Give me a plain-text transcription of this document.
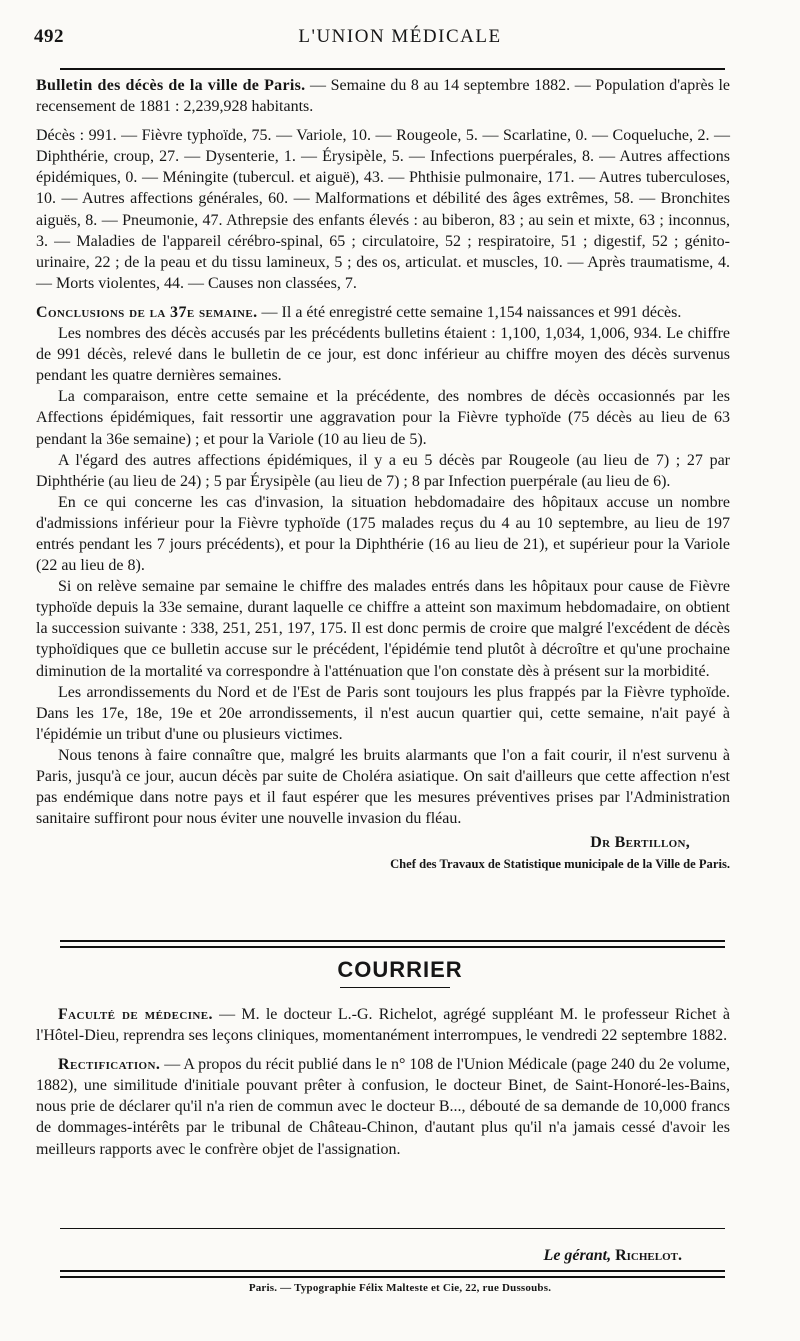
492	L'UNION MÉDICALE

Bulletin des décès de la ville de Paris. — Semaine du 8 au 14 septembre 1882. — Population d'après le recensement de 1881 : 2,239,928 habitants.

Décès : 991. — Fièvre typhoïde, 75. — Variole, 10. — Rougeole, 5. — Scarlatine, 0. — Coqueluche, 2. — Diphthérie, croup, 27. — Dysenterie, 1. — Érysipèle, 5. — Infections puerpérales, 8. — Autres affections épidémiques, 0. — Méningite (tubercul. et aiguë), 43. — Phthisie pulmonaire, 171. — Autres tuberculoses, 10. — Autres affections générales, 60. — Malformations et débilité des âges extrêmes, 58. — Bronchites aiguës, 8. — Pneumonie, 47. Athrepsie des enfants élevés : au biberon, 83 ; au sein et mixte, 63 ; inconnus, 3. — Maladies de l'appareil cérébro-spinal, 65 ; circulatoire, 52 ; respiratoire, 51 ; digestif, 52 ; génito-urinaire, 22 ; de la peau et du tissu lamineux, 5 ; des os, articulat. et muscles, 10. — Après traumatisme, 4. — Morts violentes, 44. — Causes non classées, 7.

Conclusions de la 37e semaine. — Il a été enregistré cette semaine 1,154 naissances et 991 décès.

Les nombres des décès accusés par les précédents bulletins étaient : 1,100, 1,034, 1,006, 934. Le chiffre de 991 décès, relevé dans le bulletin de ce jour, est donc inférieur au chiffre moyen des décès survenus pendant les quatre dernières semaines.

La comparaison, entre cette semaine et la précédente, des nombres de décès occasionnés par les Affections épidémiques, fait ressortir une aggravation pour la Fièvre typhoïde (75 décès au lieu de 63 pendant la 36e semaine) ; et pour la Variole (10 au lieu de 5).

A l'égard des autres affections épidémiques, il y a eu 5 décès par Rougeole (au lieu de 7) ; 27 par Diphthérie (au lieu de 24) ; 5 par Érysipèle (au lieu de 7) ; 8 par Infection puerpérale (au lieu de 6).

En ce qui concerne les cas d'invasion, la situation hebdomadaire des hôpitaux accuse un nombre d'admissions inférieur pour la Fièvre typhoïde (175 malades reçus du 4 au 10 septembre, au lieu de 197 entrés pendant les 7 jours précédents), et pour la Diphthérie (16 au lieu de 21), et supérieur pour la Variole (22 au lieu de 8).

Si on relève semaine par semaine le chiffre des malades entrés dans les hôpitaux pour cause de Fièvre typhoïde depuis la 33e semaine, durant laquelle ce chiffre a atteint son maximum hebdomadaire, on obtient la succession suivante : 338, 251, 251, 197, 175. Il est donc permis de croire que malgré l'excédent de décès typhoïdiques que ce bulletin accuse sur le précédent, l'épidémie tend plutôt à décroître et qu'une prochaine diminution de la mortalité va correspondre à l'atténuation que l'on constate dès à présent sur la morbidité.

Les arrondissements du Nord et de l'Est de Paris sont toujours les plus frappés par la Fièvre typhoïde. Dans les 17e, 18e, 19e et 20e arrondissements, il n'est aucun quartier qui, cette semaine, n'ait payé à l'épidémie un tribut d'une ou plusieurs victimes.

Nous tenons à faire connaître que, malgré les bruits alarmants que l'on a fait courir, il n'est survenu à Paris, jusqu'à ce jour, aucun décès par suite de Choléra asiatique. On sait d'ailleurs que cette affection n'est pas endémique dans notre pays et il faut espérer que les mesures préventives prises par l'Administration sanitaire suffiront pour nous éviter une nouvelle invasion du fléau.

Dr Bertillon,
Chef des Travaux de Statistique municipale de la Ville de Paris.
COURRIER

Faculté de médecine. — M. le docteur L.-G. Richelot, agrégé suppléant M. le professeur Richet à l'Hôtel-Dieu, reprendra ses leçons cliniques, momentanément interrompues, le vendredi 22 septembre 1882.

Rectification. — A propos du récit publié dans le n° 108 de l'Union Médicale (page 240 du 2e volume, 1882), une similitude d'initiale pouvant prêter à confusion, le docteur Binet, de Saint-Honoré-les-Bains, nous prie de déclarer qu'il n'a rien de commun avec le docteur B..., débouté de sa demande de 10,000 francs de dommages-intérêts par le tribunal de Château-Chinon, d'autant plus qu'il n'a jamais cessé d'avoir les meilleurs rapports avec le confrère objet de l'assignation.

Le gérant, Richelot.
Paris. — Typographie Félix Malteste et Cie, 22, rue Dussoubs.
